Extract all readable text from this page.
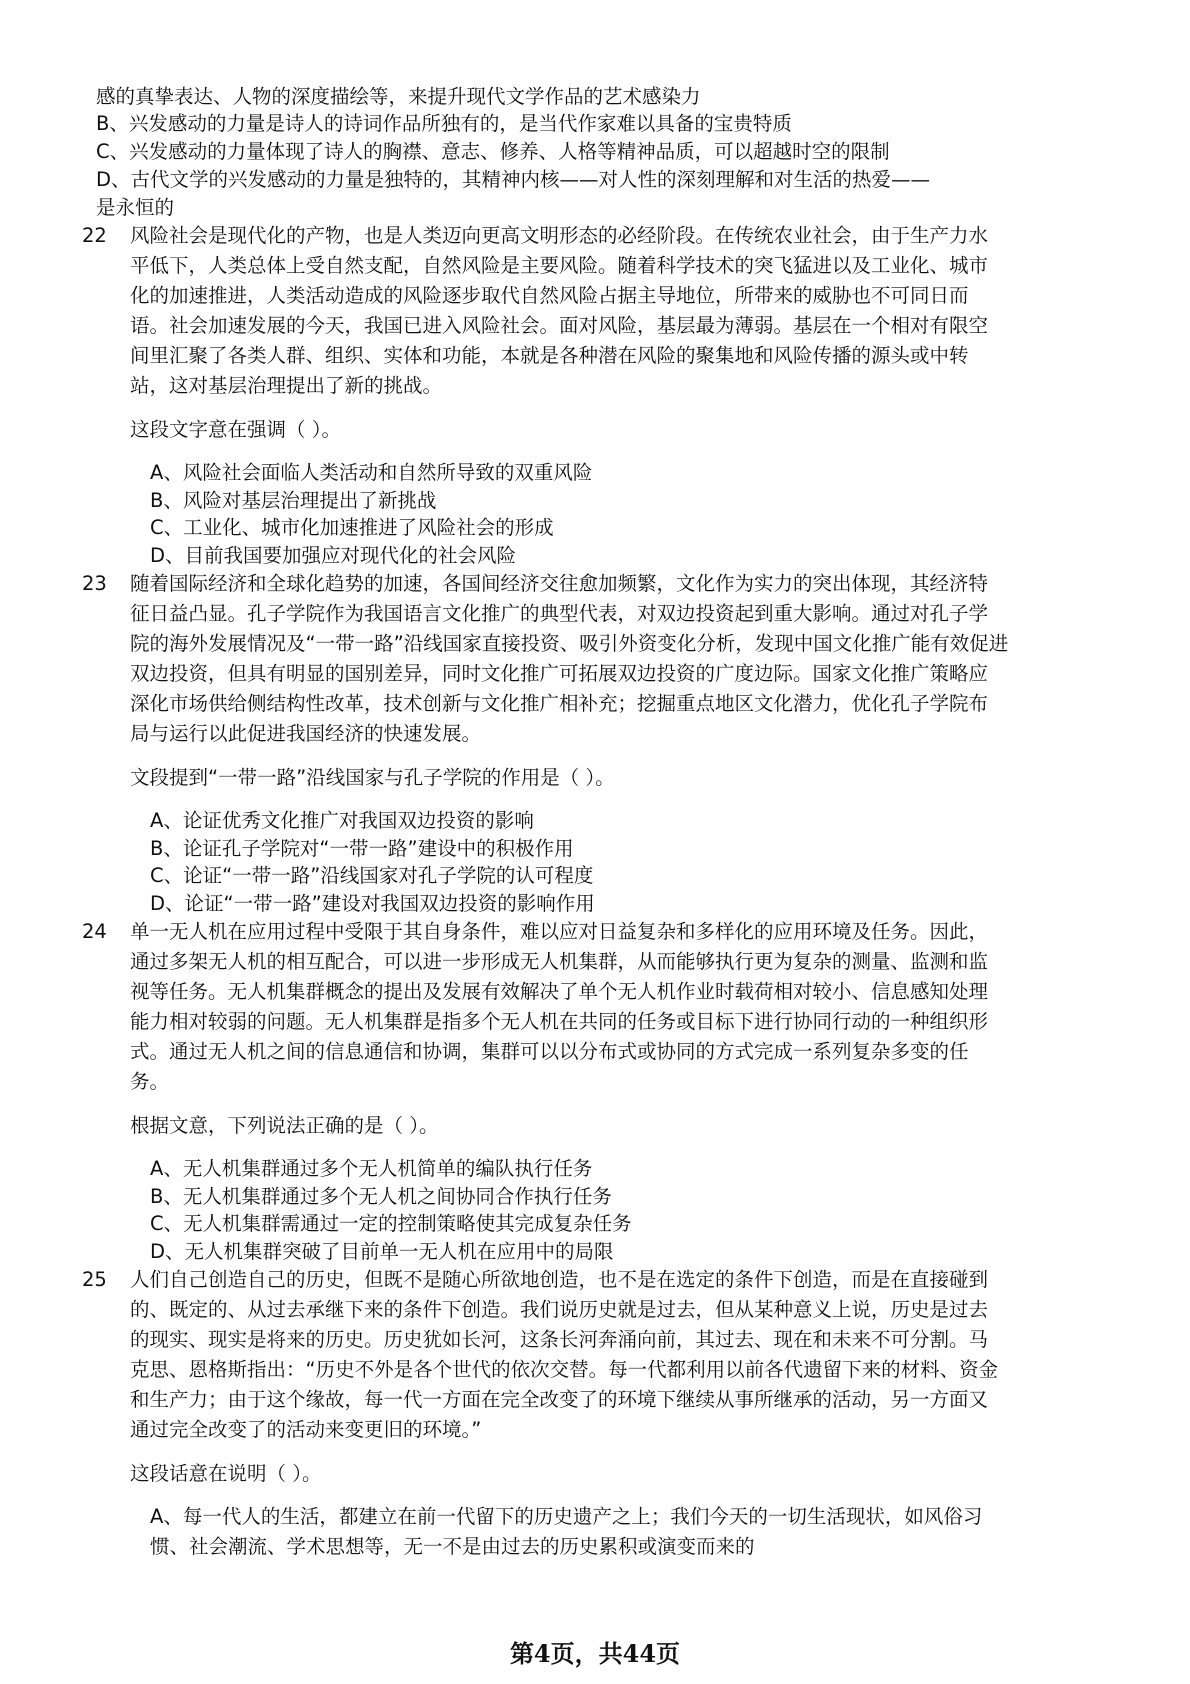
感的真挚表达、人物的深度描绘等，来提升现代文学作品的艺术感染力
B、兴发感动的力量是诗人的诗词作品所独有的，是当代作家难以具备的宝贵特质
C、兴发感动的力量体现了诗人的胸襟、意志、修养、人格等精神品质，可以超越时空的限制
D、古代文学的兴发感动的力量是独特的，其精神内核——对人性的深刻理解和对生活的热爱——
是永恒的
22 风险社会是现代化的产物，也是人类迈向更高文明形态的必经阶段。在传统农业社会，由于生产力水
平低下，人类总体上受自然支配，自然风险是主要风险。随着科学技术的突飞猛进以及工业化、城市
化的加速推进，人类活动造成的风险逐步取代自然风险占据主导地位，所带来的威胁也不可同日而
语。社会加速发展的今天，我国已进入风险社会。面对风险，基层最为薄弱。基层在一个相对有限空
间里汇聚了各类人群、组织、实体和功能，本就是各种潜在风险的聚集地和风险传播的源头或中转
站，这对基层治理提出了新的挑战。
这段文字意在强调（ ）。
A、风险社会面临人类活动和自然所导致的双重风险
B、风险对基层治理提出了新挑战
C、工业化、城市化加速推进了风险社会的形成
D、目前我国要加强应对现代化的社会风险
23 随着国际经济和全球化趋势的加速，各国间经济交往愈加频繁，文化作为实力的突出体现，其经济特
征日益凸显。孔子学院作为我国语言文化推广的典型代表，对双边投资起到重大影响。通过对孔子学
院的海外发展情况及“一带一路”沿线国家直接投资、吸引外资变化分析，发现中国文化推广能有效促进
双边投资，但具有明显的国别差异，同时文化推广可拓展双边投资的广度边际。国家文化推广策略应
深化市场供给侧结构性改革，技术创新与文化推广相补充；挖掘重点地区文化潜力，优化孔子学院布
局与运行以此促进我国经济的快速发展。
文段提到“一带一路”沿线国家与孔子学院的作用是（ ）。
A、论证优秀文化推广对我国双边投资的影响
B、论证孔子学院对“一带一路”建设中的积极作用
C、论证“一带一路”沿线国家对孔子学院的认可程度
D、论证“一带一路”建设对我国双边投资的影响作用
24 单一无人机在应用过程中受限于其自身条件，难以应对日益复杂和多样化的应用环境及任务。因此，
通过多架无人机的相互配合，可以进一步形成无人机集群，从而能够执行更为复杂的测量、监测和监
视等任务。无人机集群概念的提出及发展有效解决了单个无人机作业时载荷相对较小、信息感知处理
能力相对较弱的问题。无人机集群是指多个无人机在共同的任务或目标下进行协同行动的一种组织形
式。通过无人机之间的信息通信和协调，集群可以以分布式或协同的方式完成一系列复杂多变的任
务。
根据文意，下列说法正确的是（ ）。
A、无人机集群通过多个无人机简单的编队执行任务
B、无人机集群通过多个无人机之间协同合作执行任务
C、无人机集群需通过一定的控制策略使其完成复杂任务
D、无人机集群突破了目前单一无人机在应用中的局限
25 人们自己创造自己的历史，但既不是随心所欲地创造，也不是在选定的条件下创造，而是在直接碰到
的、既定的、从过去承继下来的条件下创造。我们说历史就是过去，但从某种意义上说，历史是过去
的现实、现实是将来的历史。历史犹如长河，这条长河奔涌向前，其过去、现在和未来不可分割。马
克思、恩格斯指出：“历史不外是各个世代的依次交替。每一代都利用以前各代遗留下来的材料、资金
和生产力；由于这个缘故，每一代一方面在完全改变了的环境下继续从事所继承的活动，另一方面又
通过完全改变了的活动来变更旧的环境。”
这段话意在说明（ ）。
A、每一代人的生活，都建立在前一代留下的历史遗产之上；我们今天的一切生活现状，如风俗习
惯、社会潮流、学术思想等，无一不是由过去的历史累积或演变而来的
第4页，共44页
